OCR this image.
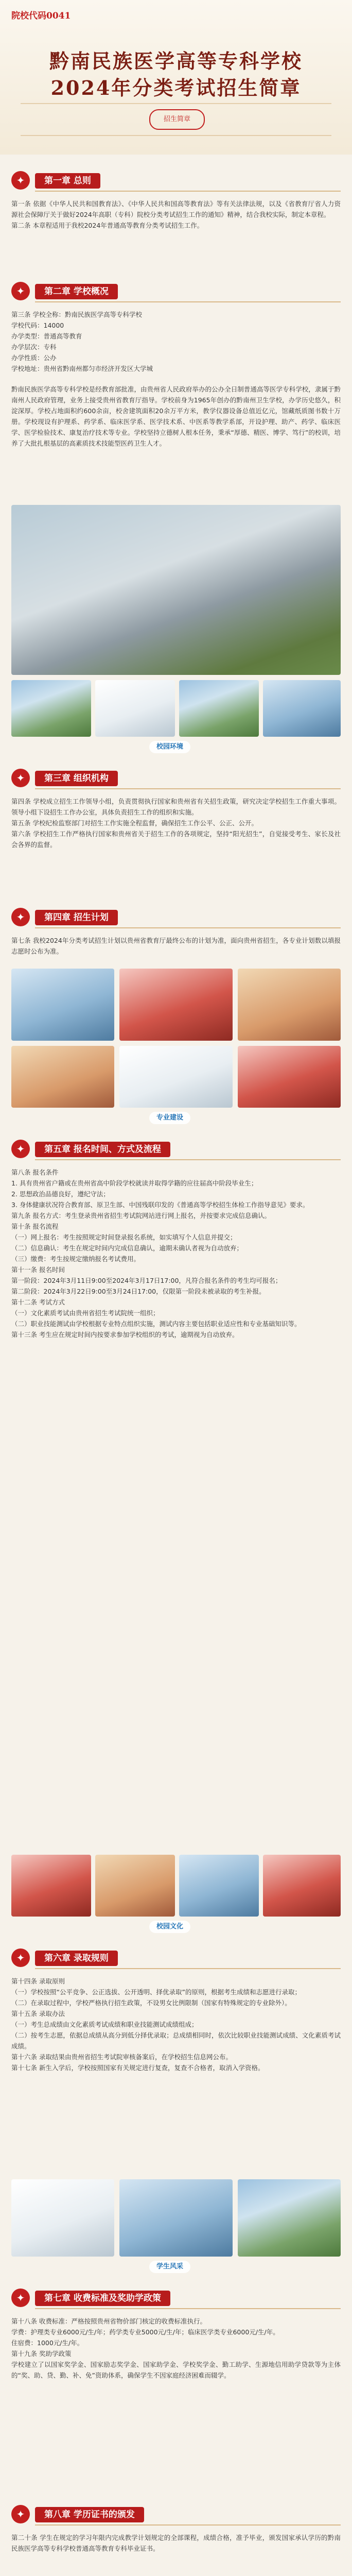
院校代码0041
黔南民族医学高等专科学校
2024年分类考试招生简章
招生简章
✦	第一章 总则
第一条 依据《中华人民共和国教育法》、《中华人民共和国高等教育法》等有关法律法规，以及《省教育厅省人力资源社会保障厅关于做好2024年高职（专科）院校分类考试招生工作的通知》精神，结合我校实际，制定本章程。
第二条 本章程适用于我校2024年普通高等教育分类考试招生工作。
✦	第二章 学校概况
第三条 学校全称：黔南民族医学高等专科学校
学校代码：14000
办学类型：普通高等教育
办学层次：专科
办学性质：公办
学校地址：贵州省黔南州都匀市经济开发区大学城
黔南民族医学高等专科学校是经教育部批准，由贵州省人民政府举办的公办全日制普通高等医学专科学校，隶属于黔南州人民政府管理，业务上接受贵州省教育厅指导。学校前身为1965年创办的黔南州卫生学校，办学历史悠久，积淀深厚。学校占地面积约600余亩，校舍建筑面积20余万平方米，教学仪器设备总值近亿元，馆藏纸质图书数十万册。学校现设有护理系、药学系、临床医学系、医学技术系、中医系等教学系部，开设护理、助产、药学、临床医学、医学检验技术、康复治疗技术等专业。学校坚持立德树人根本任务，秉承“厚德、精医、博学、笃行”的校训，培养了大批扎根基层的高素质技术技能型医药卫生人才。
校园环境
✦	第三章 组织机构
第四条 学校成立招生工作领导小组，负责贯彻执行国家和贵州省有关招生政策，研究决定学校招生工作重大事项。领导小组下设招生工作办公室，具体负责招生工作的组织和实施。
第五条 学校纪检监察部门对招生工作实施全程监督，确保招生工作公平、公正、公开。
第六条 学校招生工作严格执行国家和贵州省关于招生工作的各项规定，坚持“阳光招生”，自觉接受考生、家长及社会各界的监督。
✦	第四章 招生计划
第七条 我校2024年分类考试招生计划以贵州省教育厅最终公布的计划为准，面向贵州省招生，各专业计划数以填报志愿时公布为准。
专业建设
✦	第五章 报名时间、方式及流程
第八条 报名条件
1. 具有贵州省户籍或在贵州省高中阶段学校就读并取得学籍的应往届高中阶段毕业生；
2. 思想政治品德良好，遵纪守法；
3. 身体健康状况符合教育部、原卫生部、中国残联印发的《普通高等学校招生体检工作指导意见》要求。
第九条 报名方式：考生登录贵州省招生考试院网站进行网上报名，并按要求完成信息确认。
第十条 报名流程
（一）网上报名：考生按照规定时间登录报名系统，如实填写个人信息并提交；
（二）信息确认：考生在规定时间内完成信息确认，逾期未确认者视为自动放弃；
（三）缴费：考生按规定缴纳报名考试费用。
第十一条 报名时间
第一阶段：2024年3月11日9:00至2024年3月17日17:00，凡符合报名条件的考生均可报名；
第二阶段：2024年3月22日9:00至3月24日17:00，仅限第一阶段未被录取的考生补报。
第十二条 考试方式
（一）文化素质考试由贵州省招生考试院统一组织；
（二）职业技能测试由学校根据专业特点组织实施，测试内容主要包括职业适应性和专业基础知识等。
第十三条 考生应在规定时间内按要求参加学校组织的考试，逾期视为自动放弃。
校园文化
✦	第六章 录取规则
第十四条 录取原则
（一）学校按照“公平竞争、公正选拔、公开透明、择优录取”的原则，根据考生成绩和志愿进行录取；
（二）在录取过程中，学校严格执行招生政策，不设男女比例限制（国家有特殊规定的专业除外）。
第十五条 录取办法
（一）考生总成绩由文化素质考试成绩和职业技能测试成绩组成；
（二）按考生志愿，依据总成绩从高分到低分择优录取；总成绩相同时，依次比较职业技能测试成绩、文化素质考试成绩。
第十六条 录取结果由贵州省招生考试院审核备案后，在学校招生信息网公布。
第十七条 新生入学后，学校按照国家有关规定进行复查，复查不合格者，取消入学资格。
学生风采
✦	第七章 收费标准及奖助学政策
第十八条 收费标准：严格按照贵州省物价部门核定的收费标准执行。
学费：护理类专业6000元/生/年；药学类专业5000元/生/年；临床医学类专业6000元/生/年。
住宿费：1000元/生/年。
第十九条 奖助学政策
学校建立了以国家奖学金、国家励志奖学金、国家助学金、学校奖学金、勤工助学、生源地信用助学贷款等为主体的“奖、助、贷、勤、补、免”资助体系，确保学生不因家庭经济困难而辍学。
✦	第八章 学历证书的颁发
第二十条 学生在规定的学习年限内完成教学计划规定的全部课程，成绩合格，准予毕业，颁发国家承认学历的黔南民族医学高等专科学校普通高等教育专科毕业证书。
